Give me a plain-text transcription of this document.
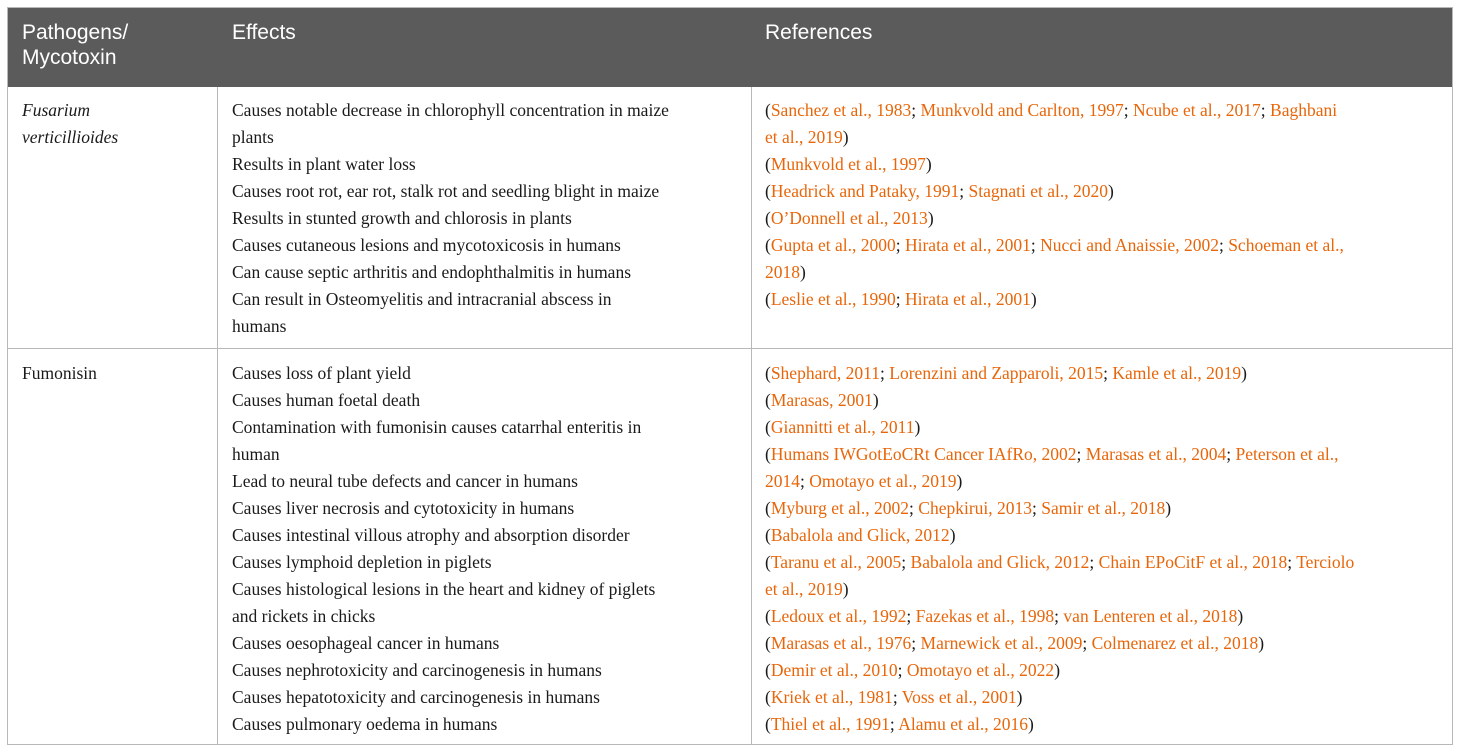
Pathogens/
Mycotoxin
Effects	References
Fusarium
verticillioides
Causes notable decrease in chlorophyll concentration in maize
plants
Results in plant water loss
Causes root rot, ear rot, stalk rot and seedling blight in maize
Results in stunted growth and chlorosis in plants
Causes cutaneous lesions and mycotoxicosis in humans
Can cause septic arthritis and endophthalmitis in humans
Can result in Osteomyelitis and intracranial abscess in
humans
(Sanchez et al., 1983; Munkvold and Carlton, 1997; Ncube et al., 2017; Baghbani
et al., 2019)
(Munkvold et al., 1997)
(Headrick and Pataky, 1991; Stagnati et al., 2020)
(O’Donnell et al., 2013)
(Gupta et al., 2000; Hirata et al., 2001; Nucci and Anaissie, 2002; Schoeman et al.,
2018)
(Leslie et al., 1990; Hirata et al., 2001)
Fumonisin	Causes loss of plant yield
Causes human foetal death
Contamination with fumonisin causes catarrhal enteritis in
human
Lead to neural tube defects and cancer in humans
Causes liver necrosis and cytotoxicity in humans
Causes intestinal villous atrophy and absorption disorder
Causes lymphoid depletion in piglets
Causes histological lesions in the heart and kidney of piglets
and rickets in chicks
Causes oesophageal cancer in humans
Causes nephrotoxicity and carcinogenesis in humans
Causes hepatotoxicity and carcinogenesis in humans
Causes pulmonary oedema in humans
(Shephard, 2011; Lorenzini and Zapparoli, 2015; Kamle et al., 2019)
(Marasas, 2001)
(Giannitti et al., 2011)
(Humans IWGotEoCRt Cancer IAfRo, 2002; Marasas et al., 2004; Peterson et al.,
2014; Omotayo et al., 2019)
(Myburg et al., 2002; Chepkirui, 2013; Samir et al., 2018)
(Babalola and Glick, 2012)
(Taranu et al., 2005; Babalola and Glick, 2012; Chain EPoCitF et al., 2018; Terciolo
et al., 2019)
(Ledoux et al., 1992; Fazekas et al., 1998; van Lenteren et al., 2018)
(Marasas et al., 1976; Marnewick et al., 2009; Colmenarez et al., 2018)
(Demir et al., 2010; Omotayo et al., 2022)
(Kriek et al., 1981; Voss et al., 2001)
(Thiel et al., 1991; Alamu et al., 2016)
